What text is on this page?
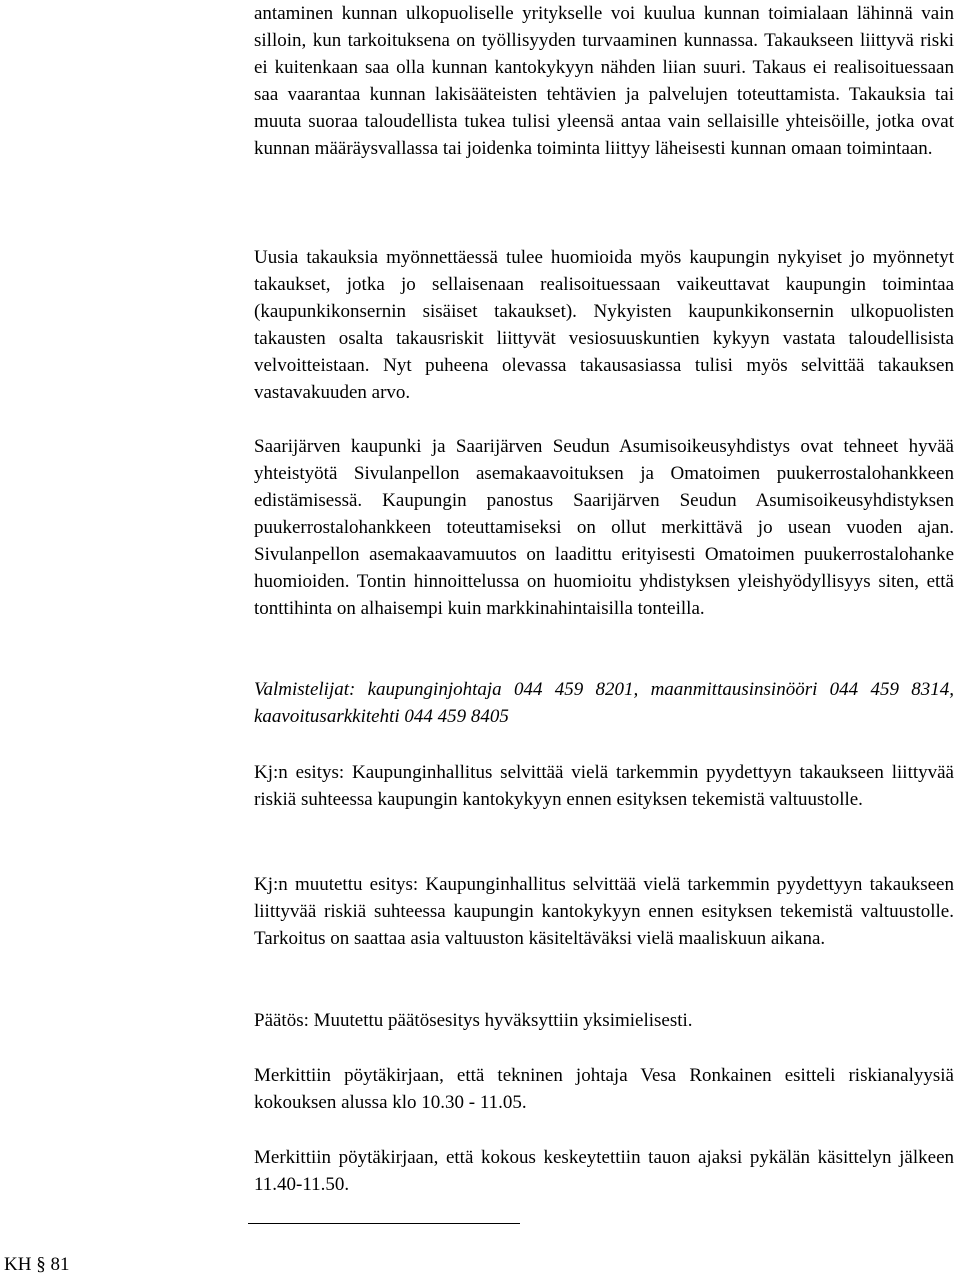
antaminen kunnan ulkopuoliselle yritykselle voi kuulua kunnan toimialaan lähinnä vain silloin, kun tarkoituksena on työllisyyden turvaaminen kunnassa. Takaukseen liittyvä riski ei kuitenkaan saa olla kunnan kantokykyyn nähden liian suuri. Takaus ei realisoituessaan saa vaarantaa kunnan lakisääteisten tehtävien ja palvelujen toteuttamista. Takauksia tai muuta suoraa taloudellista tukea tulisi yleensä antaa vain sellaisille yhteisöille, jotka ovat kunnan määräysvallassa tai joidenka toiminta liittyy läheisesti kunnan omaan toimintaan.

Uusia takauksia myönnettäessä tulee huomioida myös kaupungin nykyiset jo myönnetyt takaukset, jotka jo sellaisenaan realisoituessaan vaikeuttavat kaupungin toimintaa (kaupunkikonsernin sisäiset takaukset). Nykyisten kaupunkikonsernin ulkopuolisten takausten osalta takausriskit liittyvät vesiosuuskuntien kykyyn vastata taloudellisista velvoitteistaan. Nyt puheena olevassa takausasiassa tulisi myös selvittää takauksen vastavakuuden arvo.

Saarijärven kaupunki ja Saarijärven Seudun Asumisoikeusyhdistys ovat tehneet hyvää yhteistyötä Sivulanpellon asemakaavoituksen ja Omatoimen puukerrostalohankkeen edistämisessä. Kaupungin panostus Saarijärven Seudun Asumisoikeusyhdistyksen puukerrostalohankkeen toteuttamiseksi on ollut merkittävä jo usean vuoden ajan. Sivulanpellon asemakaavamuutos on laadittu erityisesti Omatoimen puukerrostalohanke huomioiden. Tontin hinnoittelussa on huomioitu yhdistyksen yleishyödyllisyys siten, että tonttihinta on alhaisempi kuin markkinahintaisilla tonteilla.

Valmistelijat: kaupunginjohtaja 044 459 8201, maanmittausinsinööri 044 459 8314, kaavoitusarkkitehti 044 459 8405

Kj:n esitys: Kaupunginhallitus selvittää vielä tarkemmin pyydettyyn takaukseen liittyvää riskiä suhteessa kaupungin kantokykyyn ennen esityksen tekemistä valtuustolle.

Kj:n muutettu esitys: Kaupunginhallitus selvittää vielä tarkemmin pyydettyyn takaukseen liittyvää riskiä suhteessa kaupungin kantokykyyn ennen esityksen tekemistä valtuustolle. Tarkoitus on saattaa asia valtuuston käsiteltäväksi vielä maaliskuun aikana.

Päätös: Muutettu päätösesitys hyväksyttiin yksimielisesti.

Merkittiin pöytäkirjaan, että tekninen johtaja Vesa Ronkainen esitteli riskianalyysiä kokouksen alussa klo 10.30 - 11.05.

Merkittiin pöytäkirjaan, että kokous keskeytettiin tauon ajaksi pykälän käsittelyn jälkeen 11.40-11.50.

KH § 81
